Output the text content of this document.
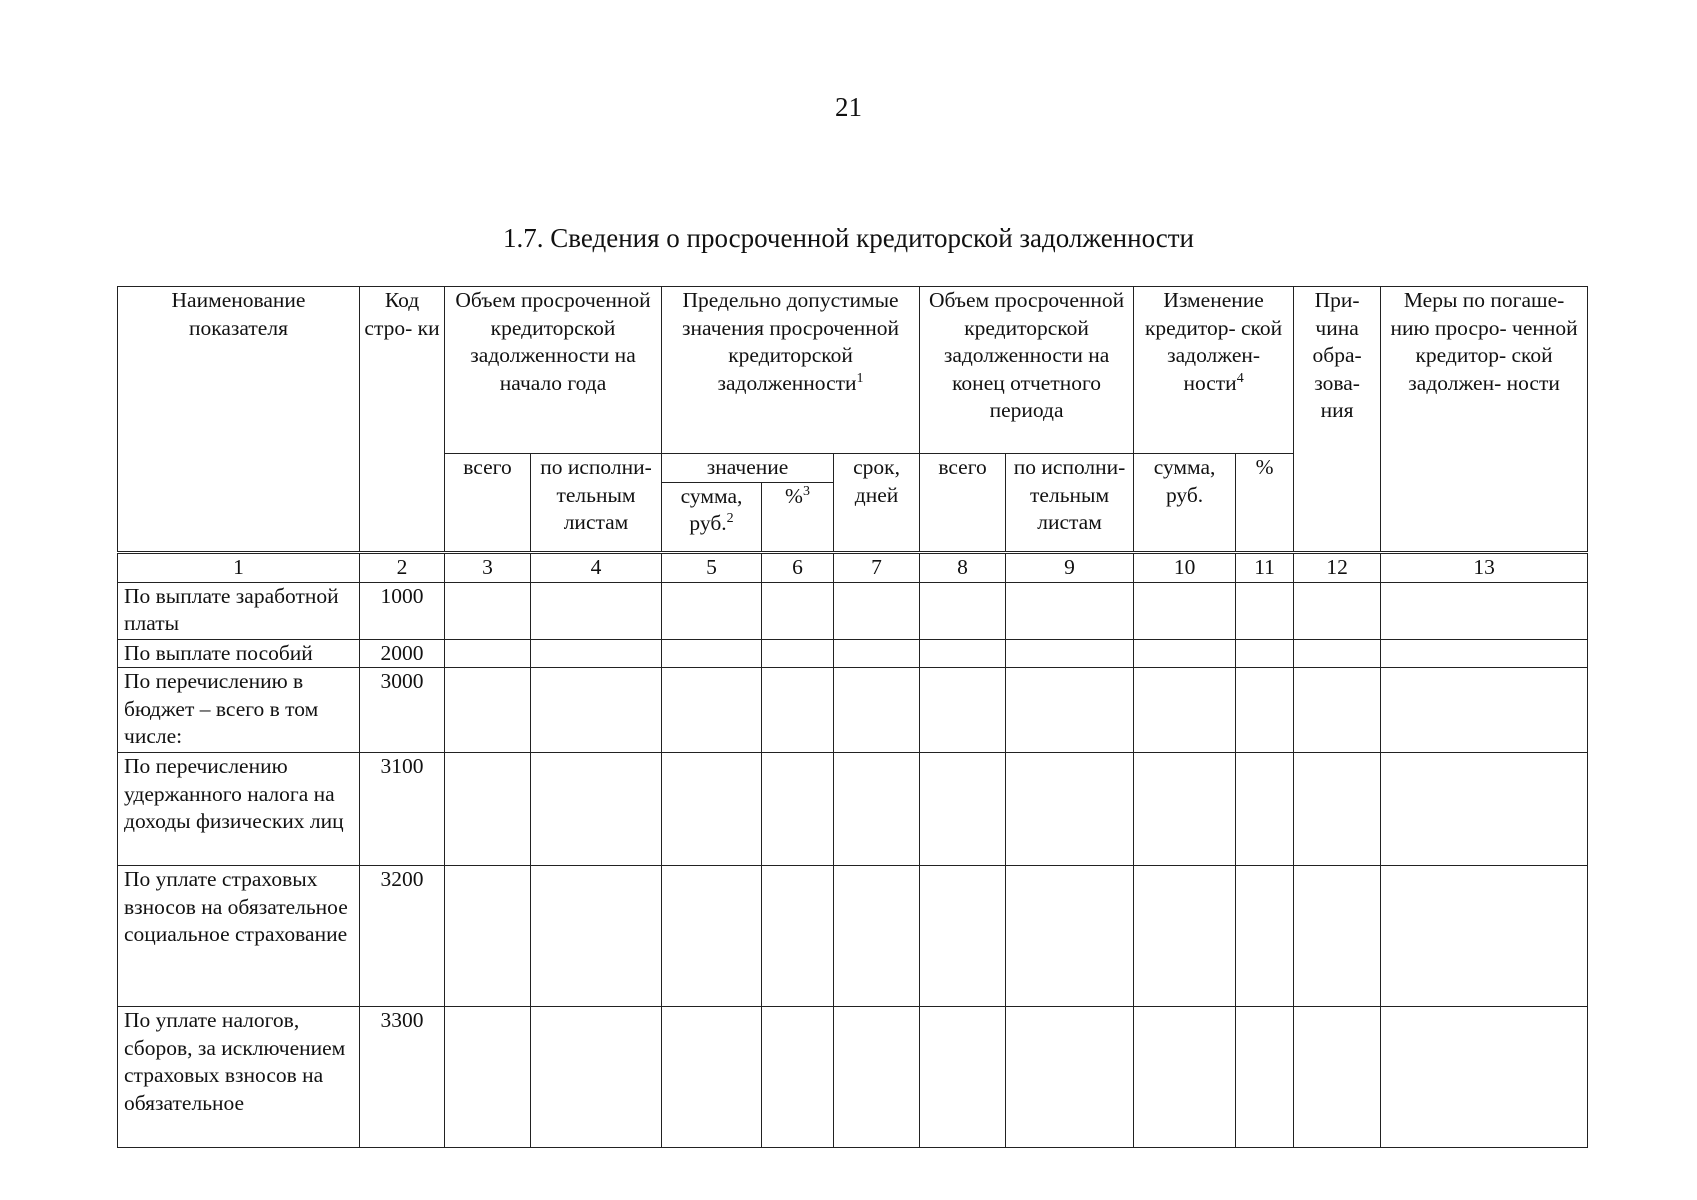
21
1.7. Сведения о просроченной кредиторской задолженности
Наименование показателя	Код стро- ки	Объем просроченной кредиторской задолженности на начало года		Предельно допустимые значения просроченной кредиторской задолженности$^1$			Объем просроченной кредиторской задолженности на конец отчетного периода		Изменение кредитор- ской задолжен- ности$^4$		При- чина обра- зова- ния	Меры по погаше- нию просро- ченной кредитор- ской задолжен- ности
		всего	по исполни- тельным листам	значение		срок, дней	всего	по исполни- тельным листам	сумма, руб.	%		
				сумма, руб.$^2$	%$^3$
1	2	3	4	5	6	7	8	9	10	11	12	13
По выплате заработной платы	1000											
По выплате пособий	2000											
По перечислению в бюджет – всего в том числе:	3000											
По перечислению удержанного налога на доходы физических лиц	3100											
По уплате страховых взносов на обязательное социальное страхование	3200											
По уплате налогов, сборов, за исключением страховых взносов на обязательное	3300											
